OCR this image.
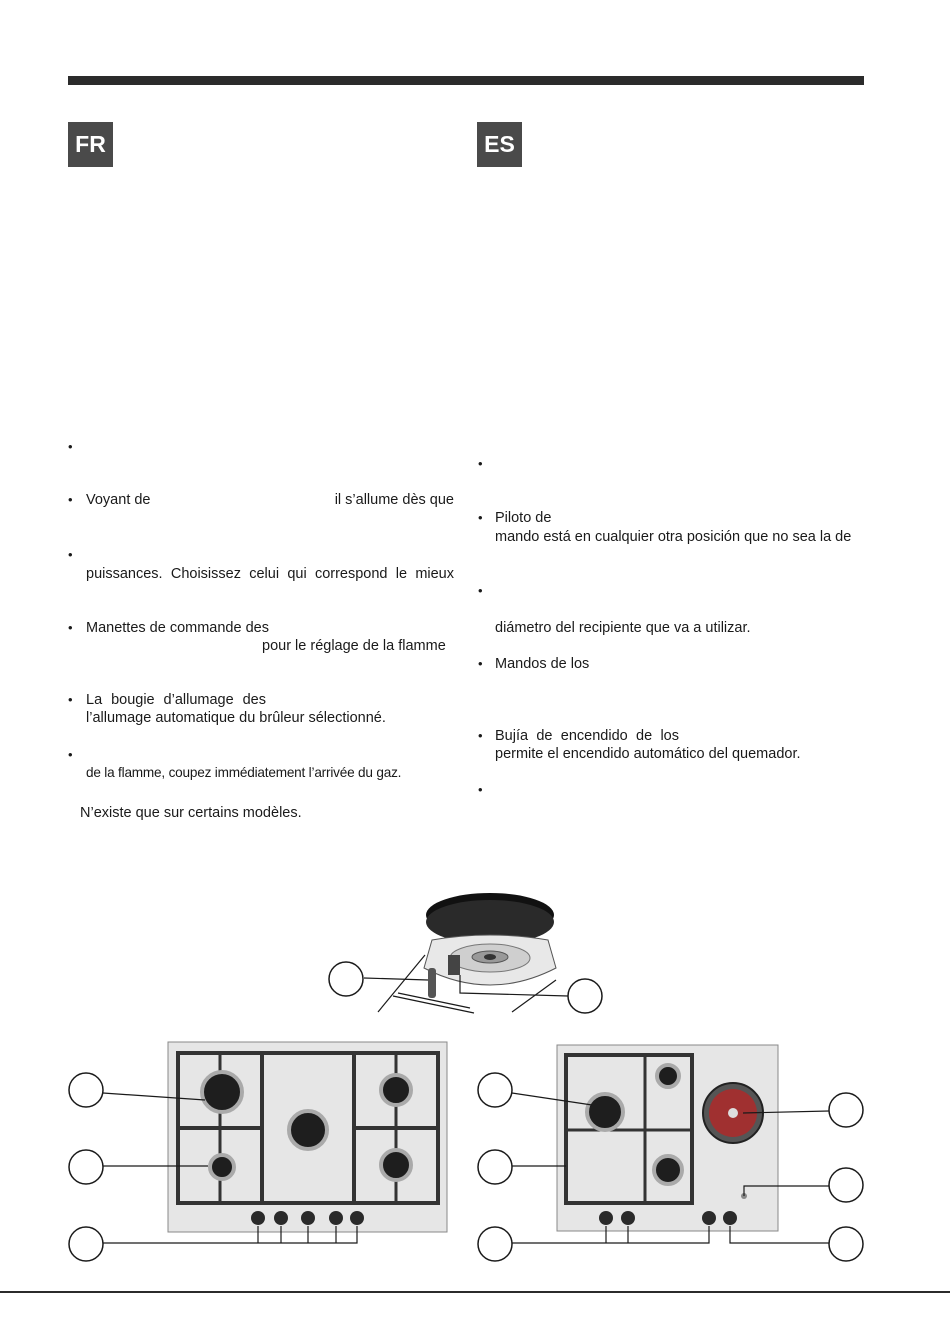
FR
•
• Voyant de	il s’allume dès que
•
puissances. Choisissez celui qui correspond le mieux
• Manettes de commande des
pour le réglage de la flamme
• La bougie d’allumage des
l’allumage automatique du brûleur sélectionné.
•
de la flamme, coupez immédiatement l’arrivée du gaz.
N’existe que sur certains modèles.
ES
•
• Piloto de
mando está en cualquier otra posición que no sea la de
•
diámetro del recipiente que va a utilizar.
• Mandos de los
• Bujía de encendido de los
permite el encendido automático del quemador.
•
